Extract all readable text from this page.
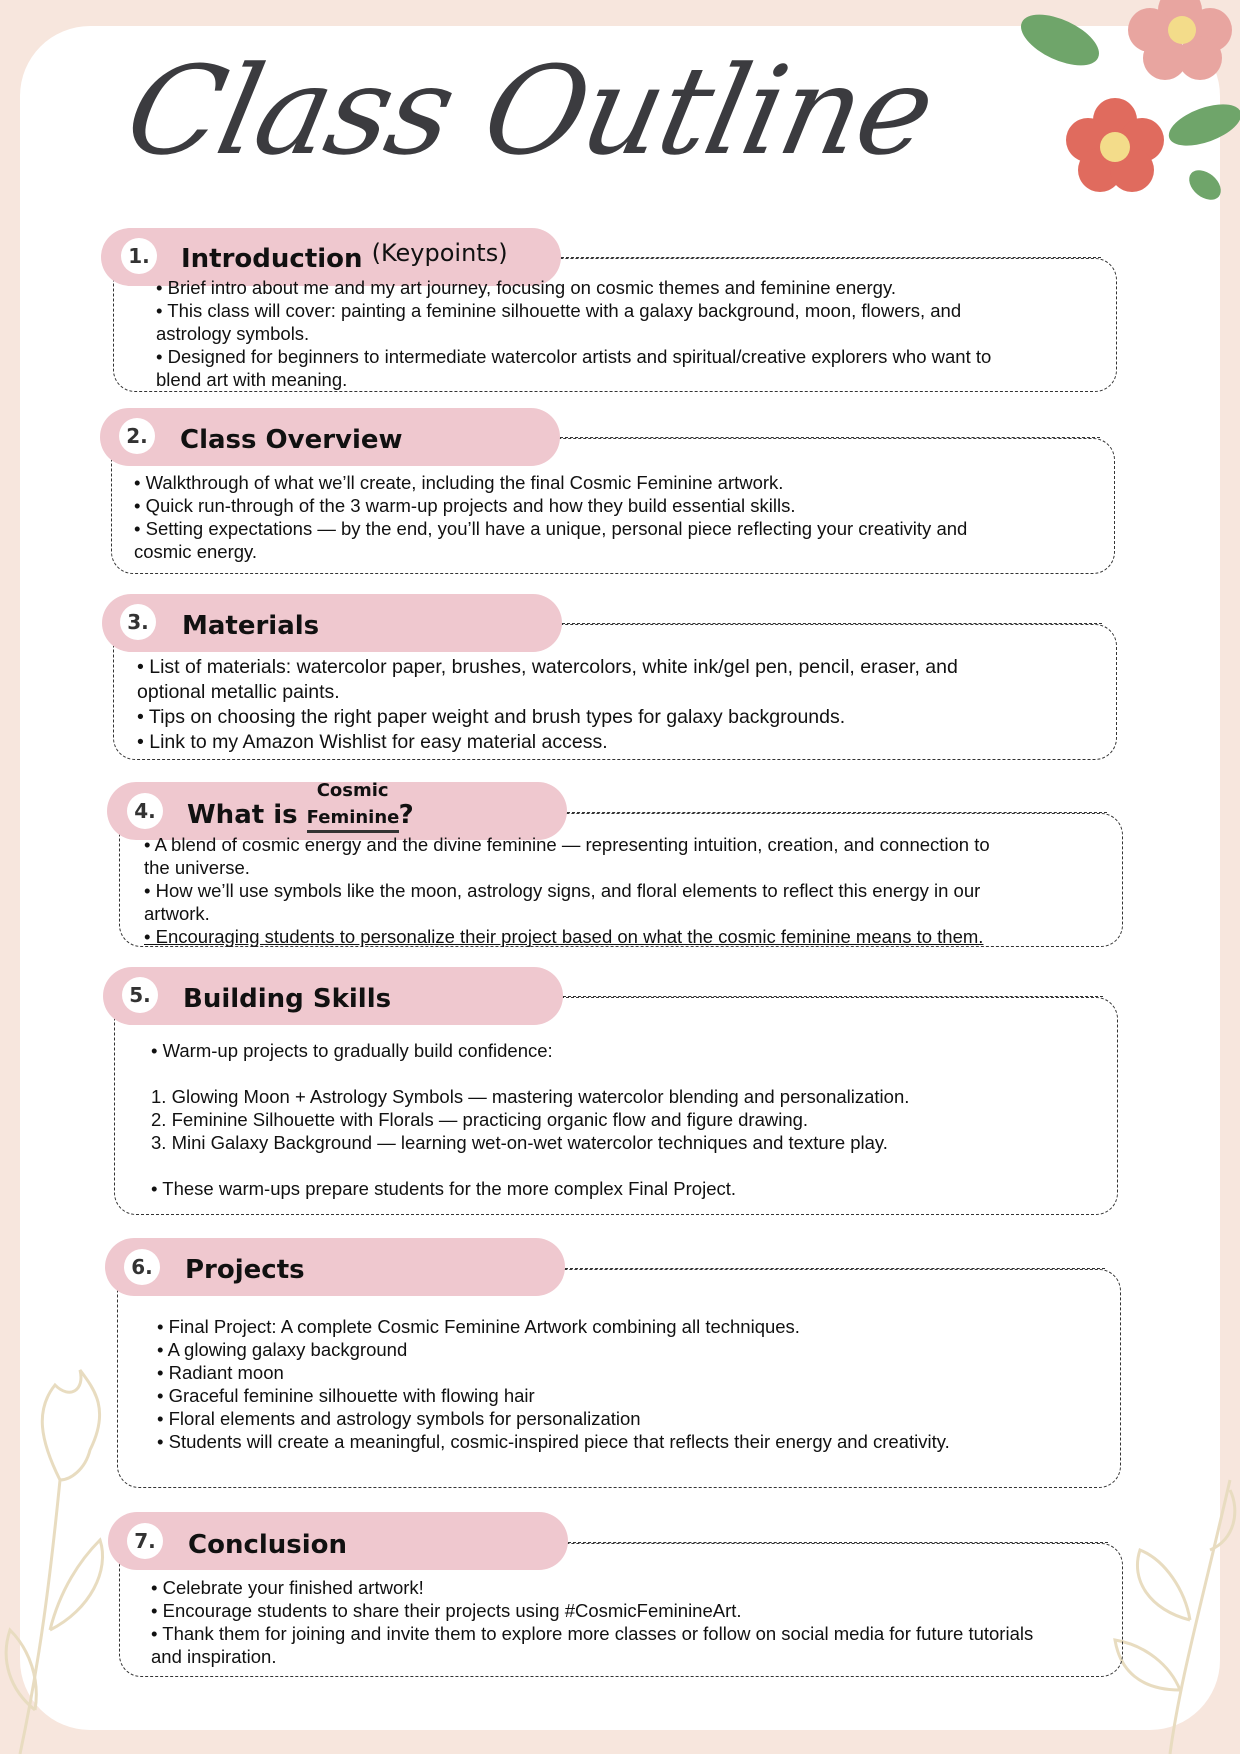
Class Outline
1. Introduction (Keypoints)

• Brief intro about me and my art journey, focusing on cosmic themes and feminine energy.

• This class will cover: painting a feminine silhouette with a galaxy background, moon, flowers, and

astrology symbols.

• Designed for beginners to intermediate watercolor artists and spiritual/creative explorers who want to

blend art with meaning.

2. Class Overview

• Walkthrough of what we’ll create, including the final Cosmic Feminine artwork.

• Quick run-through of the 3 warm-up projects and how they build essential skills.

• Setting expectations — by the end, you’ll have a unique, personal piece reflecting your creativity and

cosmic energy.

3. Materials

• List of materials: watercolor paper, brushes, watercolors, white ink/gel pen, pencil, eraser, and

optional metallic paints.

• Tips on choosing the right paper weight and brush types for galaxy backgrounds.

• Link to my Amazon Wishlist for easy material access.

4. What is
Cosmic
Feminine?

• A blend of cosmic energy and the divine feminine — representing intuition, creation, and connection to

the universe.

• How we’ll use symbols like the moon, astrology signs, and floral elements to reflect this energy in our

artwork.

• Encouraging students to personalize their project based on what the cosmic feminine means to them.

5. Building Skills

• Warm-up projects to gradually build confidence:

1. Glowing Moon + Astrology Symbols — mastering watercolor blending and personalization.

2. Feminine Silhouette with Florals — practicing organic flow and figure drawing.

3. Mini Galaxy Background — learning wet-on-wet watercolor techniques and texture play.

• These warm-ups prepare students for the more complex Final Project.

6. Projects

• Final Project: A complete Cosmic Feminine Artwork combining all techniques.

• A glowing galaxy background

• Radiant moon

• Graceful feminine silhouette with flowing hair

• Floral elements and astrology symbols for personalization

• Students will create a meaningful, cosmic-inspired piece that reflects their energy and creativity.

7. Conclusion

• Celebrate your finished artwork!

• Encourage students to share their projects using #CosmicFeminineArt.

• Thank them for joining and invite them to explore more classes or follow on social media for future tutorials

and inspiration.
